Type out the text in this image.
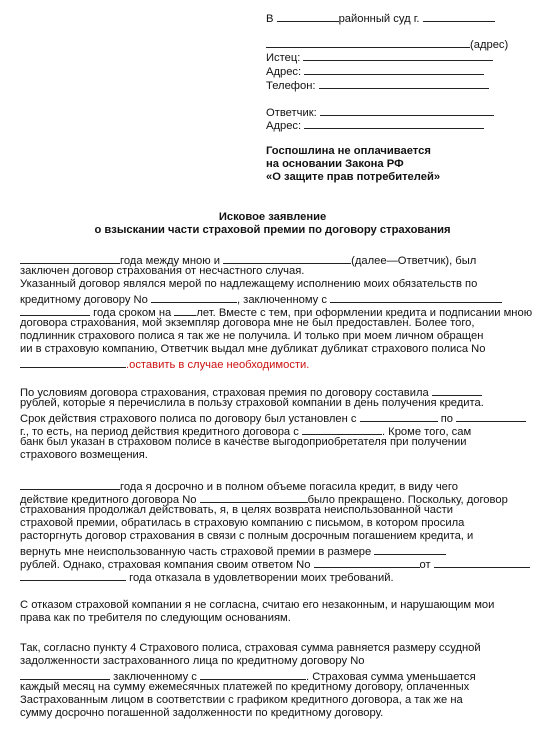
В	районный суд г.
(адрес)
Истец:
Адрес:
Телефон:
Ответчик:
Адрес:
Госпошлина не оплачивается
на основании Закона РФ
«О защите прав потребителей»
Исковое заявление
о взыскании части страховой премии по договору страхования
года между мною и	(далее—Ответчик), был
заключен договор страхования от несчастного случая.
Указанный договор являлся мерой по надлежащему исполнению моих обязательств по
кредитному договору No	, заключенному с
года сроком на лет. Вместе с тем, при оформлении кредита и подписании мною
договора страхования, мой экземпляр договора мне не был предоставлен. Более того,
подлинник страхового полиса я так же не получила. И только при моем личном обращен
ии в страховую компанию, Ответчик выдал мне дубликат дубликат страхового полиса No
.оставить в случае необходимости.
По условиям договора страхования, страховая премия по договору составила
рублей, которые я перечислила в пользу страховой компании в день получения кредита.
Срок действия страхового полиса по договору был установлен с	по
г., то есть, на период действия кредитного договора с	. Кроме того, сам
банк был указан в страховом полисе в качестве выгодоприобретателя при получении
страхового возмещения.
года я досрочно и в полном объеме погасила кредит, в виду чего
действие кредитного договора No	было прекращено. Поскольку, договор
страхования продолжал действовать, я, в целях возврата неиспользованной части
страховой премии, обратилась в страховую компанию с письмом, в котором просила
расторгнуть договор страхования в связи с полным досрочным погашением кредита, и
вернуть мне неиспользованную часть страховой премии в размере
рублей. Однако, страховая компания своим ответом No	от
года отказала в удовлетворении моих требований.
С отказом страховой компании я не согласна, считаю его незаконным, и нарушающим мои
права как по требителя по следующим основаниям.
Так, согласно пункту 4 Страхового полиса, страховая сумма равняется размеру ссудной
задолженности застрахованного лица по кредитному договору No
заключенному с	. Страховая сумма уменьшается
каждый месяц на сумму ежемесячных платежей по кредитному договору, оплаченных
Застрахованным лицом в соответствии с графиком кредитного договора, а так же на
сумму досрочно погашенной задолженности по кредитному договору.
